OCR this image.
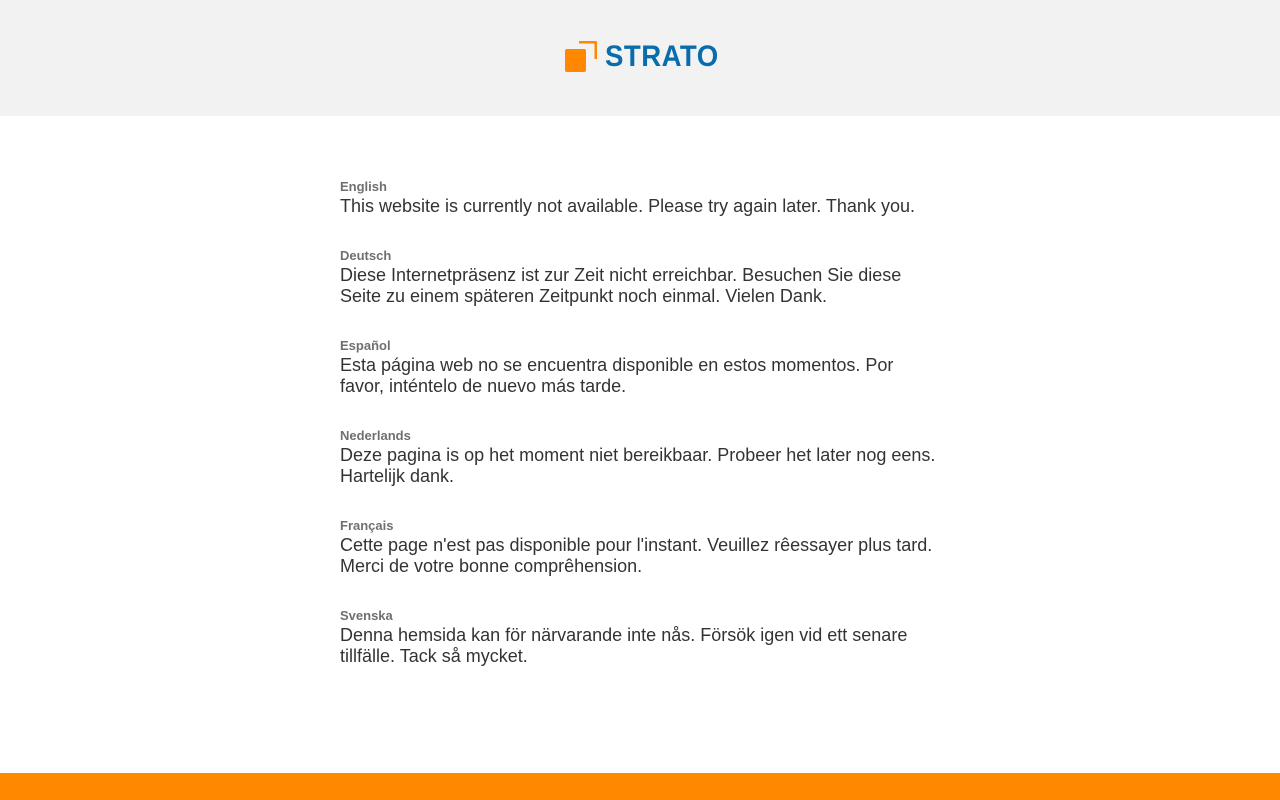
STRATO
English
This website is currently not available. Please try again later. Thank you.
Deutsch
Diese Internetpräsenz ist zur Zeit nicht erreichbar. Besuchen Sie diese Seite zu einem späteren Zeitpunkt noch einmal. Vielen Dank.
Español
Esta página web no se encuentra disponible en estos momentos. Por favor, inténtelo de nuevo más tarde.
Nederlands
Deze pagina is op het moment niet bereikbaar. Probeer het later nog eens. Hartelijk dank.
Français
Cette page n'est pas disponible pour l'instant. Veuillez rêessayer plus tard. Merci de votre bonne comprêhension.
Svenska
Denna hemsida kan för närvarande inte nås. Försök igen vid ett senare tillfälle. Tack så mycket.
